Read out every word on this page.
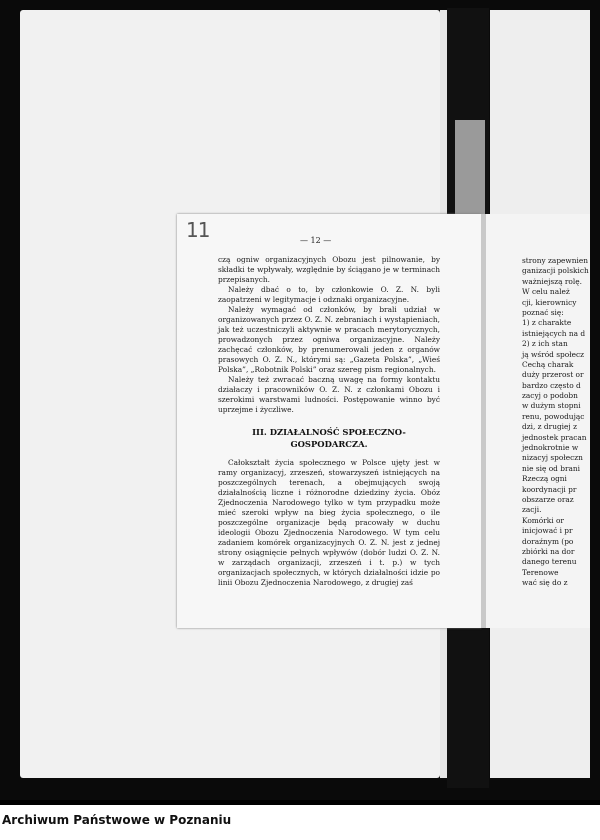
11
—	12 —

czą ogniw organizacyjnych Obozu jest pilnowanie, by składki te wpływały, względnie by ściągano je w terminach przepisanych.

Należy dbać o to, by członkowie O. Z. N. byli zaopatrzeni w legitymacje i odznaki organizacyjne.

Należy wymagać od członków, by brali udział w organizowanych przez O. Z. N. zebraniach i wystąpieniach, jak też uczestniczyli aktywnie w pracach merytorycznych, prowadzonych przez ogniwa organizacyjne. Należy zachęcać członków, by prenumerowali jeden z organów prasowych O. Z. N., którymi są: „Gazeta Polska”, „Wieś Polska”, „Robotnik Polski” oraz szereg pism regionalnych.

Należy też zwracać baczną uwagę na formy kontaktu działaczy i pracowników O. Z. N. z członkami Obozu i szerokimi warstwami ludności. Postępowanie winno być uprzejme i życzliwe.

III. DZIAŁALNOŚĆ SPOŁECZNO-
GOSPODARCZA.

Całokształt życia społecznego w Polsce ujęty jest w ramy organizacyj, zrzeszeń, stowarzyszeń istniejących na poszczególnych terenach, a obejmujących swoją działalnością liczne i różnorodne dziedziny życia. Obóz Zjednoczenia Narodowego tylko w tym przypadku może mieć szeroki wpływ na bieg życia społecznego, o ile poszczególne organizacje będą pracowały w duchu ideologii Obozu Zjednoczenia Narodowego. W tym celu zadaniem komórek organizacyjnych O. Z. N. jest z jednej strony osiągnięcie pełnych wpływów (dobór ludzi O. Z. N. w zarządach organizacji, zrzeszeń i t. p.) w tych organizacjach społecznych, w których działalności idzie po linii Obozu Zjednoczenia Narodowego, z drugiej zaś

strony zapewnien
ganizacji polskich
ważniejszą rolę.
W celu należ
cji, kierownicy
poznać się:
1) z charakte
istniejących na d
2) z ich stan
ją wśród społecz
Cechą charak
duży przerost or
bardzo często d
zacyj o podobn
w dużym stopni
renu, powodując
dzi, z drugiej z
jednostek pracan
jednokrotnie w
nizacyj społeczn
nie się od brani
Rzeczą ogni
koordynacji pr
obszarze oraz
zacji.
Komórki or
inicjować i pr
doraźnym (po
zbiórki na dor
danego terenu
Terenowe
wać się do z
Archiwum Państwowe w Poznaniu
